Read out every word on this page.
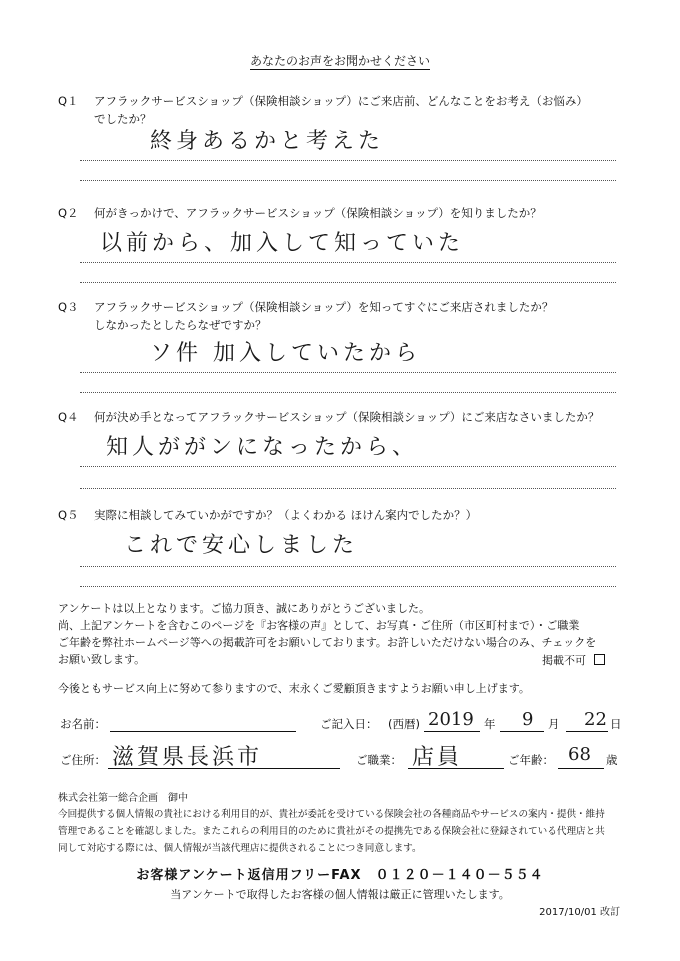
あなたのお声をお聞かせください
Q１ アフラックサービスショップ（保険相談ショップ）にご来店前、どんなことをお考え（お悩み）
でしたか？
終身あるかと考えた
Q２ 何がきっかけで、アフラックサービスショップ（保険相談ショップ）を知りましたか？
以前から、加入して知っていた
Q３ アフラックサービスショップ（保険相談ショップ）を知ってすぐにご来店されましたか？
しなかったとしたらなぜですか？
ソ件 加入していたから
Q４ 何が決め手となってアフラックサービスショップ（保険相談ショップ）にご来店なさいましたか？
知人ががンになったから、
Q５ 実際に相談してみていかがですか？（よくわかる ほけん案内でしたか？）
これで安心しました
アンケートは以上となります。ご協力頂き、誠にありがとうございました。
尚、上記アンケートを含むこのページを『お客様の声』として、お写真・ご住所（市区町村まで）・ご職業
ご年齢を弊社ホームページ等への掲載許可をお願いしております。お許しいただけない場合のみ、チェックを
お願い致します。	掲載不可
今後ともサービス向上に努めて参りますので、末永くご愛顧頂きますようお願い申し上げます。
お名前：	ご記入日： (西暦) 2019 年 9 月 22 日
ご住所： 滋賀県長浜市	ご職業： 店員	ご年齢： 68 歳
株式会社第一総合企画　御中
今回提供する個人情報の貴社における利用目的が、貴社が委託を受けている保険会社の各種商品やサービスの案内・提供・維持
管理であることを確認しました。またこれらの利用目的のために貴社がその提携先である保険会社に登録されている代理店と共
同して対応する際には、個人情報が当該代理店に提供されることにつき同意します。
お客様アンケート返信用フリーFAX　０１２０－１４０－５５４
当アンケートで取得したお客様の個人情報は厳正に管理いたします。
2017/10/01 改訂
